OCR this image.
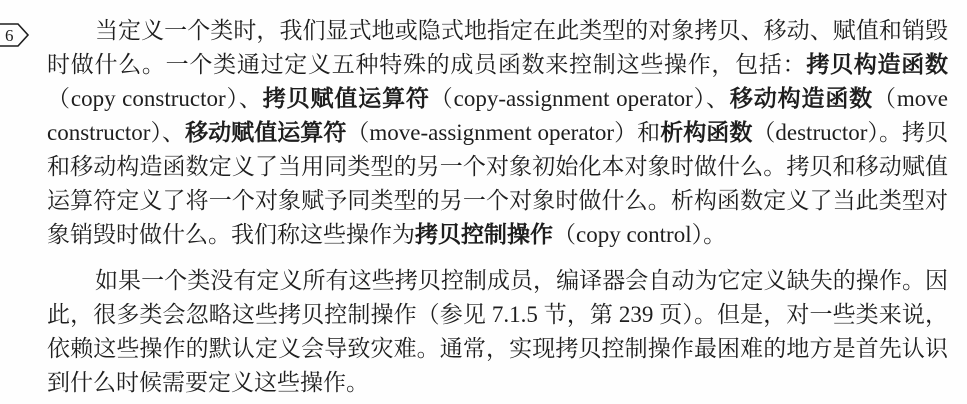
6	当定义一个类时，我们显式地或隐式地指定在此类型的对象拷贝、移动、赋值和销毁
时做什么。一个类通过定义五种特殊的成员函数来控制这些操作，包括：拷贝构造函数
（copy constructor）、拷贝赋值运算符（copy-assignment operator）、移动构造函数（move
constructor）、移动赋值运算符（move-assignment operator）和析构函数（destructor）。拷贝
和移动构造函数定义了当用同类型的另一个对象初始化本对象时做什么。拷贝和移动赋值
运算符定义了将一个对象赋予同类型的另一个对象时做什么。析构函数定义了当此类型对
象销毁时做什么。我们称这些操作为拷贝控制操作（copy control）。
如果一个类没有定义所有这些拷贝控制成员，编译器会自动为它定义缺失的操作。因
此，很多类会忽略这些拷贝控制操作（参见 7.1.5 节，第 239 页）。但是，对一些类来说，
依赖这些操作的默认定义会导致灾难。通常，实现拷贝控制操作最困难的地方是首先认识
到什么时候需要定义这些操作。
